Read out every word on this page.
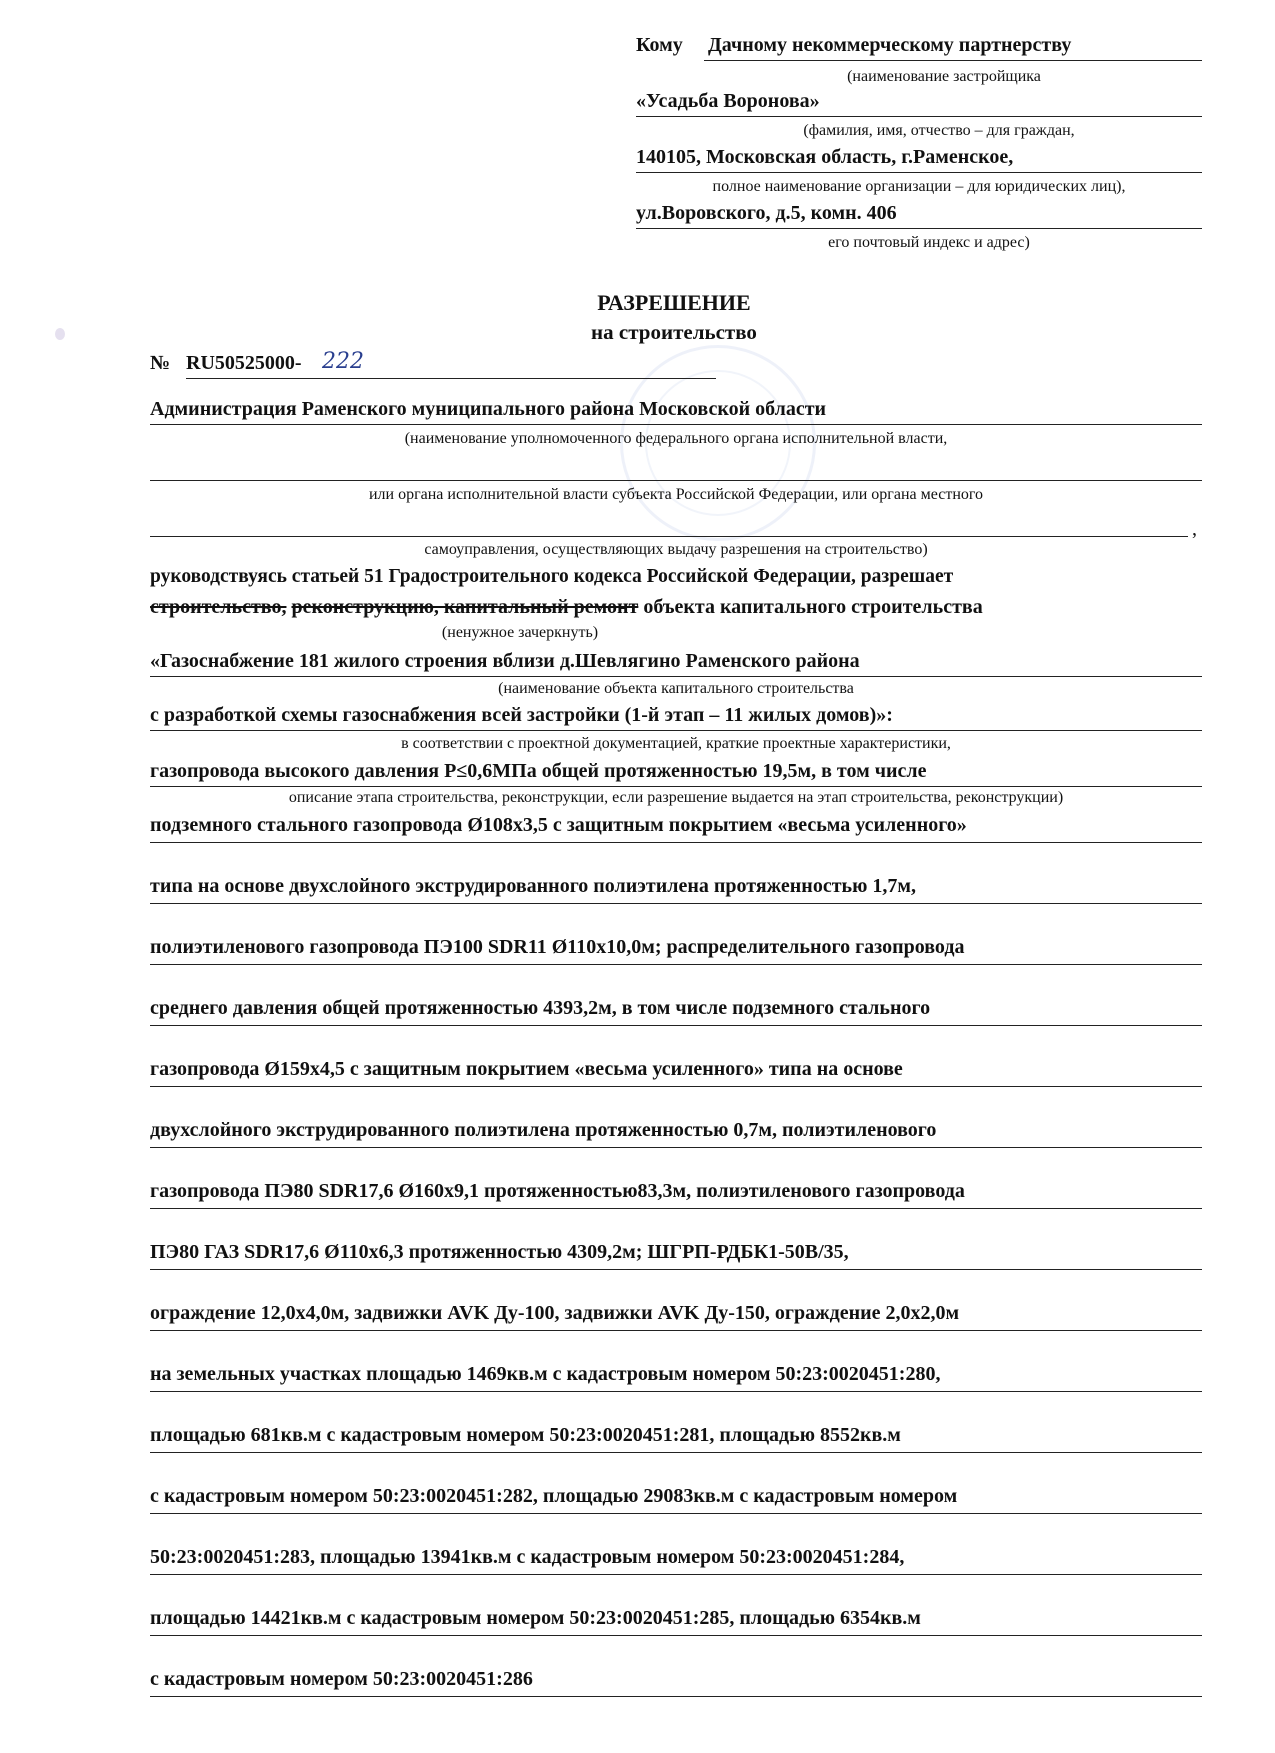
Кому Дачному некоммерческому партнерству
(наименование застройщика
«Усадьба Воронова»
(фамилия, имя, отчество – для граждан,
140105, Московская область, г.Раменское,
полное наименование организации – для юридических лиц),
ул.Воровского, д.5, комн. 406
его почтовый индекс и адрес)
РАЗРЕШЕНИЕ
на строительство
№ RU50525000- 222
Администрация Раменского муниципального района Московской области
(наименование уполномоченного федерального органа исполнительной власти,
или органа исполнительной власти субъекта Российской Федерации, или органа местного
,
самоуправления, осуществляющих выдачу разрешения на строительство)
руководствуясь статьей 51 Градостроительного кодекса Российской Федерации, разрешает
строительство, реконструкцию, капитальный ремонт объекта капитального строительства
(ненужное зачеркнуть)
«Газоснабжение 181 жилого строения вблизи д.Шевлягино Раменского района
(наименование объекта капитального строительства
с разработкой схемы газоснабжения всей застройки (1-й этап – 11 жилых домов)»:
в соответствии с проектной документацией, краткие проектные характеристики,
газопровода высокого давления Р≤0,6МПа общей протяженностью 19,5м, в том числе
описание этапа строительства, реконструкции, если разрешение выдается на этап строительства, реконструкции)
подземного стального газопровода Ø108х3,5 с защитным покрытием «весьма усиленного»
типа на основе двухслойного экструдированного полиэтилена протяженностью 1,7м,
полиэтиленового газопровода ПЭ100 SDR11 Ø110х10,0м; распределительного газопровода
среднего давления общей протяженностью 4393,2м, в том числе подземного стального
газопровода Ø159х4,5 с защитным покрытием «весьма усиленного» типа на основе
двухслойного экструдированного полиэтилена протяженностью 0,7м, полиэтиленового
газопровода ПЭ80 SDR17,6 Ø160х9,1 протяженностью83,3м, полиэтиленового газопровода
ПЭ80 ГАЗ SDR17,6 Ø110х6,3 протяженностью 4309,2м; ШГРП-РДБК1-50В/35,
ограждение 12,0х4,0м, задвижки AVK Ду-100, задвижки AVK Ду-150, ограждение 2,0х2,0м
на земельных участках площадью 1469кв.м с кадастровым номером 50:23:0020451:280,
площадью 681кв.м с кадастровым номером 50:23:0020451:281, площадью 8552кв.м
с кадастровым номером 50:23:0020451:282, площадью 29083кв.м с кадастровым номером
50:23:0020451:283, площадью 13941кв.м с кадастровым номером 50:23:0020451:284,
площадью 14421кв.м с кадастровым номером 50:23:0020451:285, площадью 6354кв.м
с кадастровым номером 50:23:0020451:286
